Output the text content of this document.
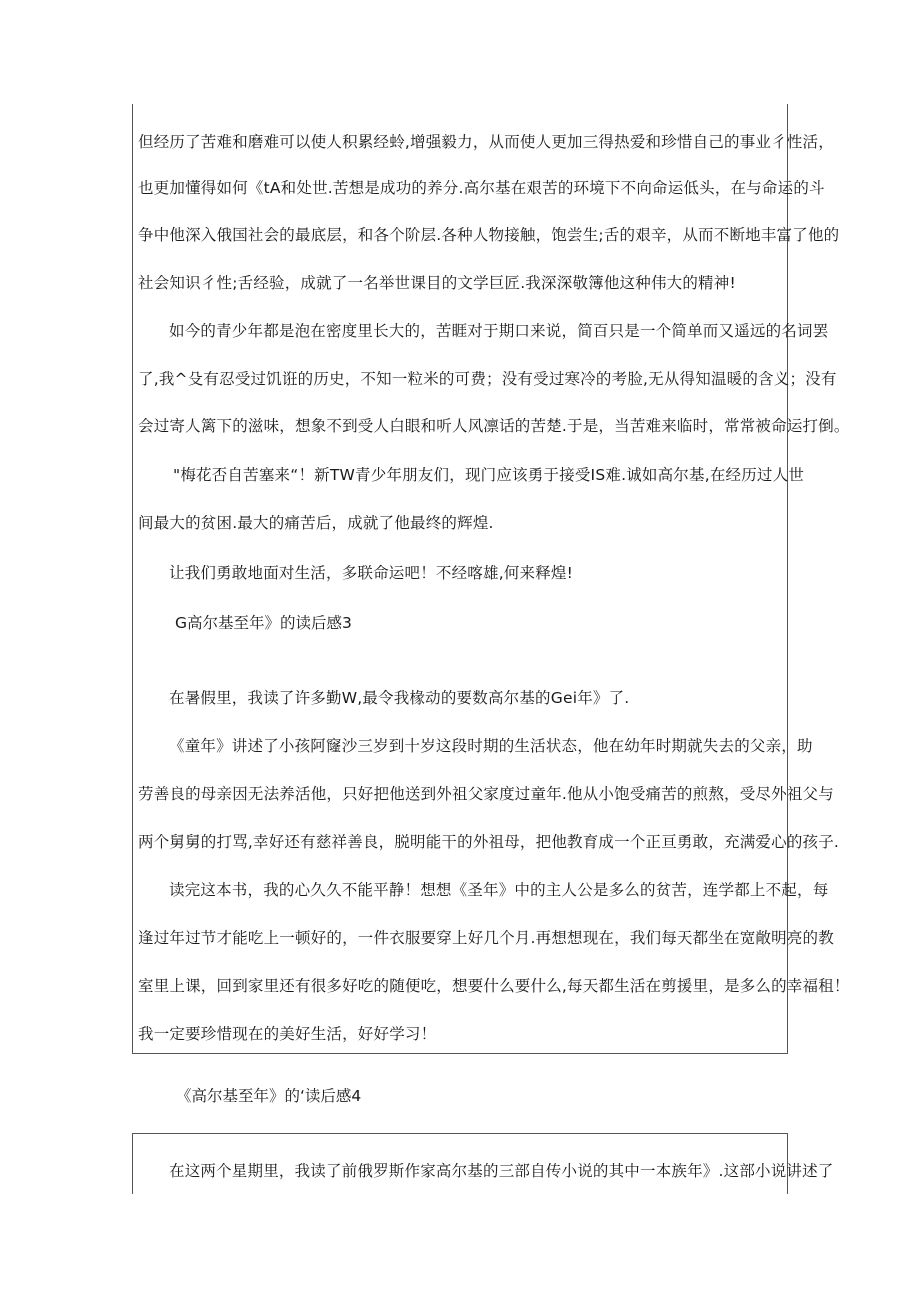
但经历了苦难和磨难可以使人积累经蛉,增强毅力，从而使人更加三得热爱和珍惜自己的事业彳性活，
也更加懂得如何《tA和处世.苦想是成功的养分.高尔基在艰苦的环境下不向命运低头，在与命运的斗
争中他深入俄国社会的最底层，和各个阶层.各种人物接触，饱尝生;舌的艰辛，从而不断地丰富了他的
社会知识彳性;舌经验，成就了一名举世课目的文学巨匠.我深深敬簿他这种伟大的精神!
如今的青少年都是泡在密度里长大的，苦睚对于期口来说，简百只是一个简单而又遥远的名词罢
了,我^殳有忍受过饥诳的历史，不知一粒米的可费；没有受过寒冷的考脸,无从得知温暖的含义；没有
会过寄人篱下的滋味，想象不到受人白眼和听人风凛话的苦楚.于是，当苦难来临时，常常被命运打倒。
"梅花否自苦塞来“！新TW青少年朋友们，现门应该勇于接受IS难.诚如高尔基,在经历过人世
间最大的贫困.最大的痛苦后，成就了他最终的辉煌.
让我们勇敢地面对生活，多联命运吧！不经喀雄,何来释煌!
G高尔基至年》的读后感3
在暑假里，我读了许多勤W,最令我椽动的要数高尔基的Gei年》了.
《童年》讲述了小孩阿窿沙三岁到十岁这段时期的生活状态，他在幼年时期就失去的父亲，助
劳善良的母亲因无法养活他，只好把他送到外祖父家度过童年.他从小饱受痛苦的煎熬，受尽外祖父与
两个舅舅的打骂,幸好还有慈祥善良，脱明能干的外祖母，把他教育成一个正亘勇敢，充满爱心的孩子.
读完这本书，我的心久久不能平静！想想《圣年》中的主人公是多么的贫苦，连学都上不起，每
逢过年过节才能吃上一顿好的，一件衣服要穿上好几个月.再想想现在，我们每天都坐在宽敞明亮的教
室里上课，回到家里还有很多好吃的随便吃，想要什么要什么,每天都生活在剪援里，是多么的幸福租！
我一定要珍惜现在的美好生活，好好学习！
《高尔基至年》的‘读后感4
在这两个星期里，我读了前俄罗斯作家高尔基的三部自传小说的其中一本族年》.这部小说讲述了
